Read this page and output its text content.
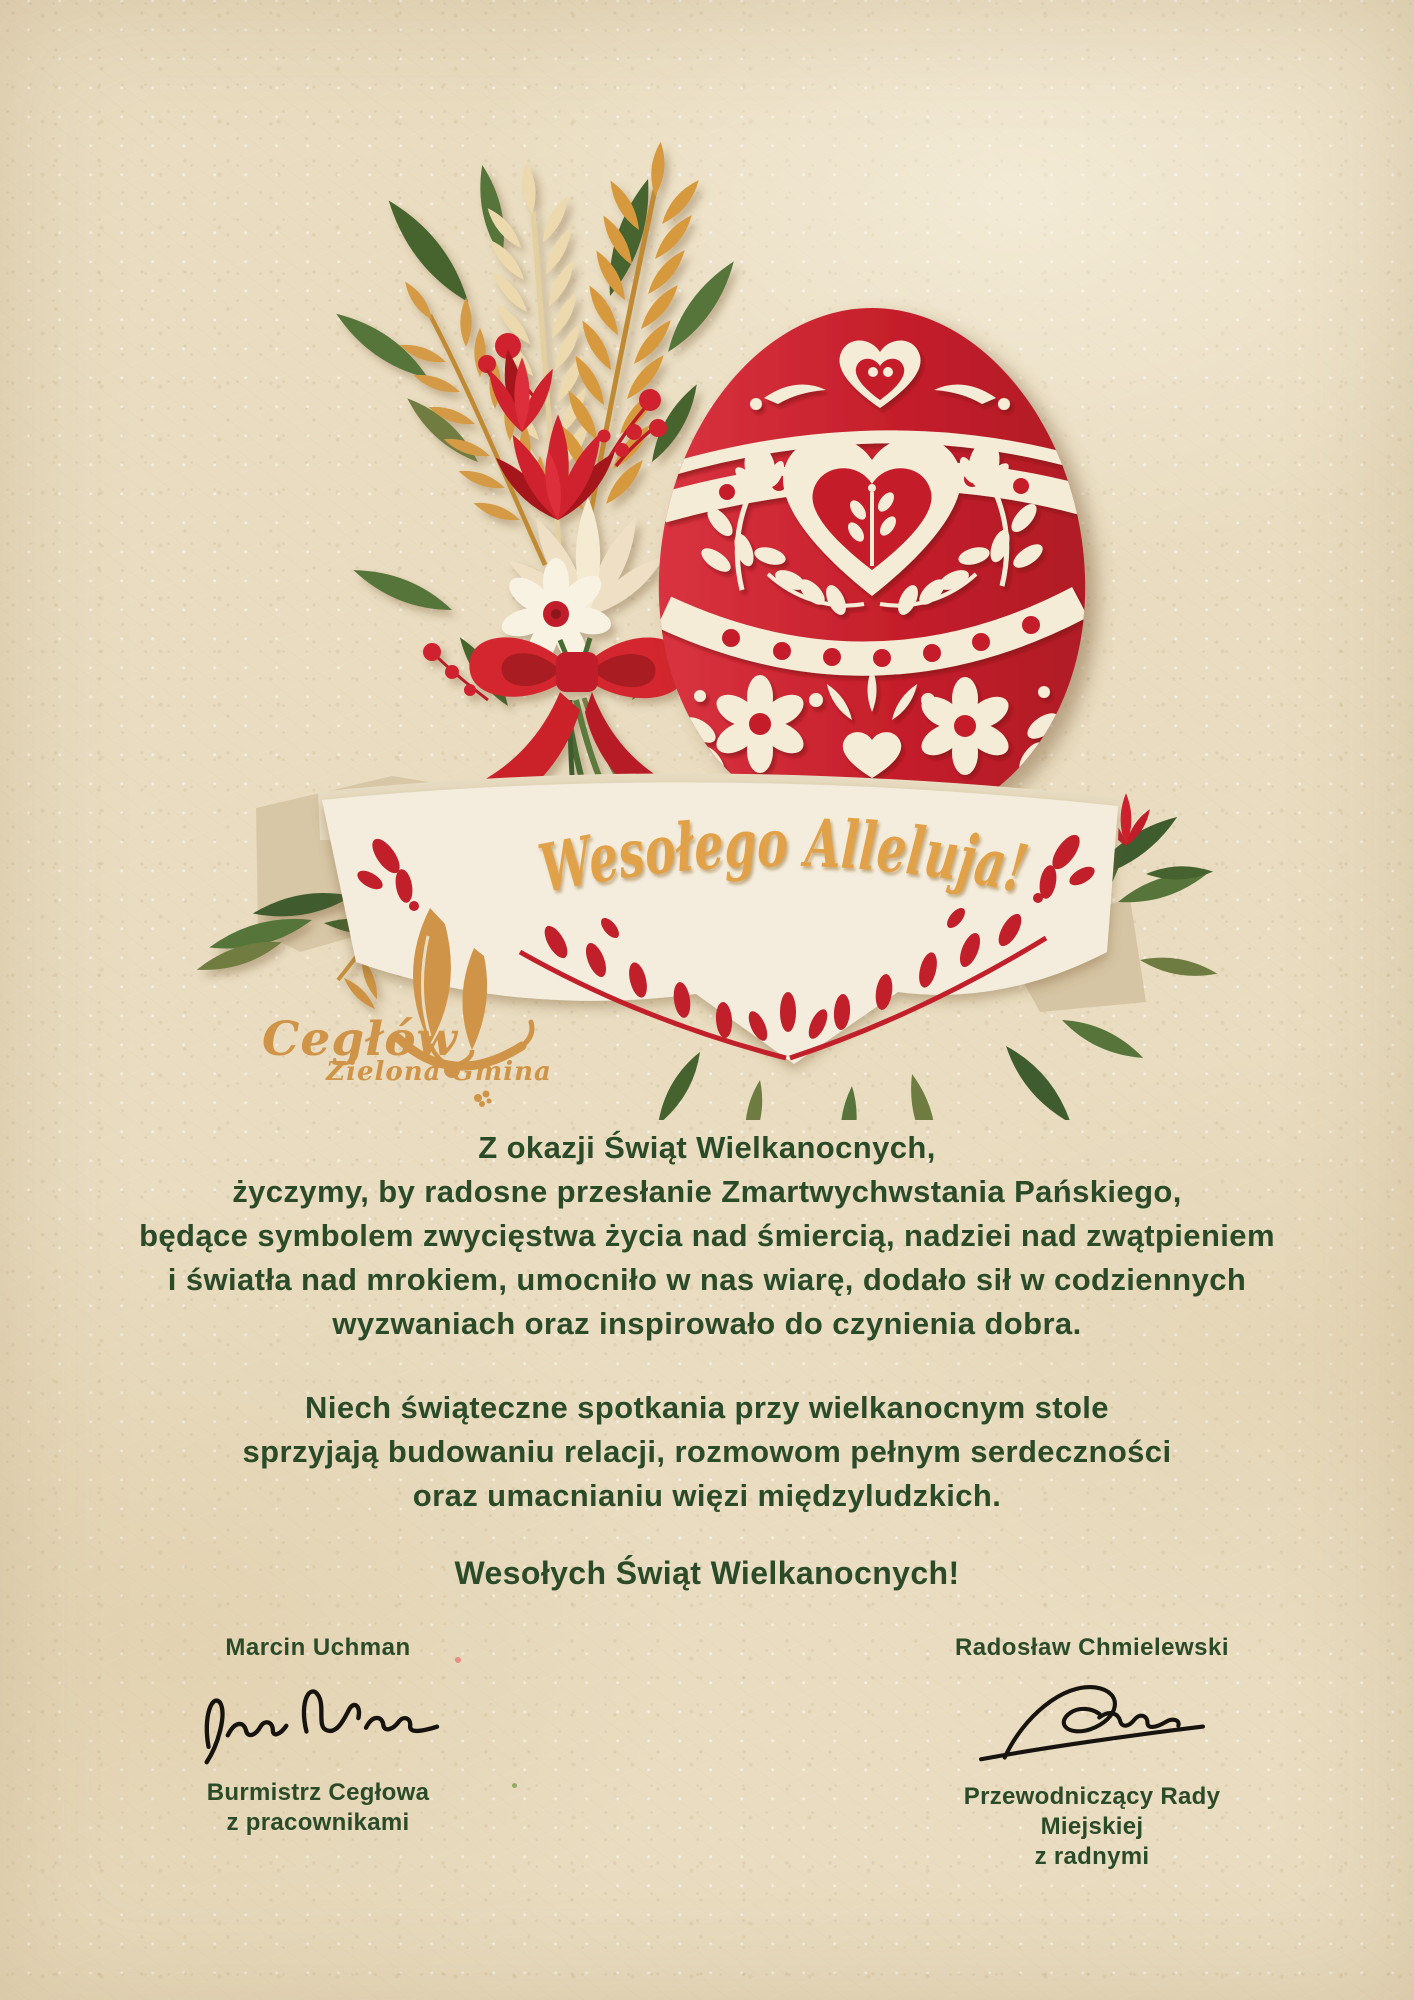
Wesołego Alleluja!
Cegłów
Zielona Gmina
Z okazji Świąt Wielkanocnych,
życzymy, by radosne przesłanie Zmartwychwstania Pańskiego,
będące symbolem zwycięstwa życia nad śmiercią, nadziei nad zwątpieniem
i światła nad mrokiem, umocniło w nas wiarę, dodało sił w codziennych
wyzwaniach oraz inspirowało do czynienia dobra.
Niech świąteczne spotkania przy wielkanocnym stole
sprzyjają budowaniu relacji, rozmowom pełnym serdeczności
oraz umacnianiu więzi międzyludzkich.
Wesołych Świąt Wielkanocnych!
Marcin Uchman
Burmistrz Cegłowa
z pracownikami
Radosław Chmielewski
Przewodniczący Rady Miejskiej
z radnymi
